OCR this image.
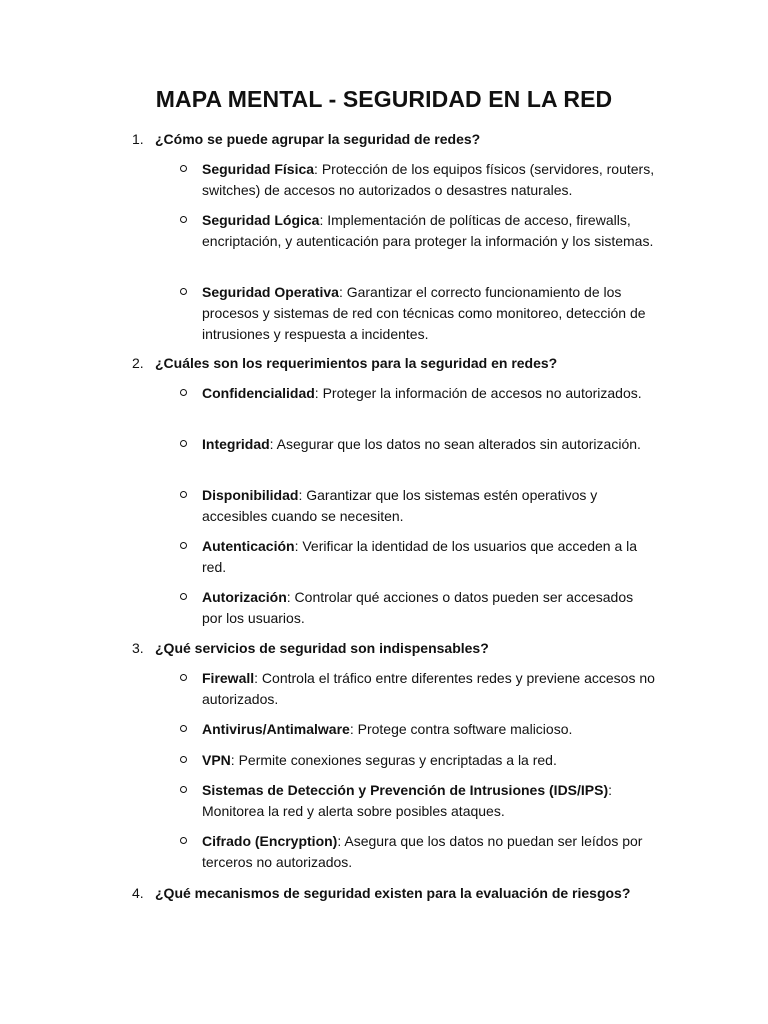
MAPA MENTAL - SEGURIDAD EN LA RED
1. ¿Cómo se puede agrupar la seguridad de redes?
Seguridad Física: Protección de los equipos físicos (servidores, routers, switches) de accesos no autorizados o desastres naturales.
Seguridad Lógica: Implementación de políticas de acceso, firewalls, encriptación, y autenticación para proteger la información y los sistemas.
Seguridad Operativa: Garantizar el correcto funcionamiento de los procesos y sistemas de red con técnicas como monitoreo, detección de intrusiones y respuesta a incidentes.
2. ¿Cuáles son los requerimientos para la seguridad en redes?
Confidencialidad: Proteger la información de accesos no autorizados.
Integridad: Asegurar que los datos no sean alterados sin autorización.
Disponibilidad: Garantizar que los sistemas estén operativos y accesibles cuando se necesiten.
Autenticación: Verificar la identidad de los usuarios que acceden a la red.
Autorización: Controlar qué acciones o datos pueden ser accesados por los usuarios.
3. ¿Qué servicios de seguridad son indispensables?
Firewall: Controla el tráfico entre diferentes redes y previene accesos no autorizados.
Antivirus/Antimalware: Protege contra software malicioso.
VPN: Permite conexiones seguras y encriptadas a la red.
Sistemas de Detección y Prevención de Intrusiones (IDS/IPS): Monitorea la red y alerta sobre posibles ataques.
Cifrado (Encryption): Asegura que los datos no puedan ser leídos por terceros no autorizados.
4. ¿Qué mecanismos de seguridad existen para la evaluación de riesgos?
